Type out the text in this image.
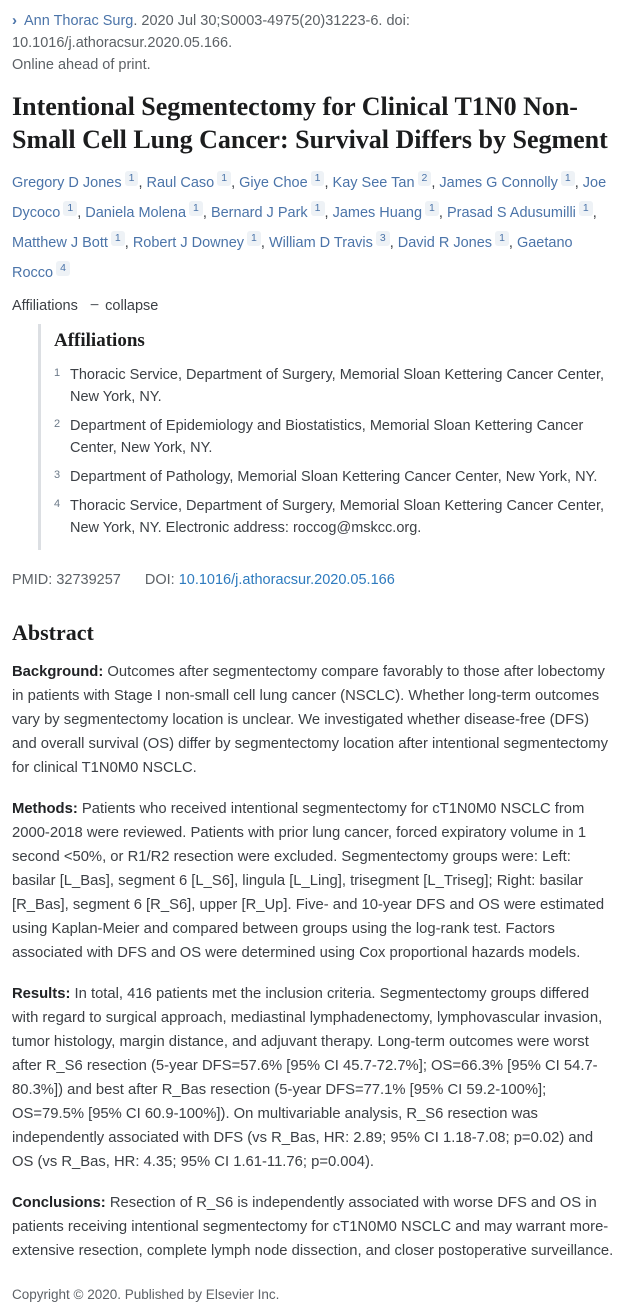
› Ann Thorac Surg. 2020 Jul 30;S0003-4975(20)31223-6. doi: 10.1016/j.athoracsur.2020.05.166.
Online ahead of print.
Intentional Segmentectomy for Clinical T1N0 Non-Small Cell Lung Cancer: Survival Differs by Segment
Gregory D Jones 1 , Raul Caso 1 , Giye Choe 1 , Kay See Tan 2 , James G Connolly 1 , Joe Dycoco 1 , Daniela Molena 1 , Bernard J Park 1 , James Huang 1 , Prasad S Adusumilli 1 , Matthew J Bott 1 , Robert J Downey 1 , William D Travis 3 , David R Jones 1 , Gaetano Rocco 4
Affiliations − collapse
Affiliations
1 Thoracic Service, Department of Surgery, Memorial Sloan Kettering Cancer Center, New York, NY.
2 Department of Epidemiology and Biostatistics, Memorial Sloan Kettering Cancer Center, New York, NY.
3 Department of Pathology, Memorial Sloan Kettering Cancer Center, New York, NY.
4 Thoracic Service, Department of Surgery, Memorial Sloan Kettering Cancer Center, New York, NY. Electronic address: roccog@mskcc.org.
PMID: 32739257 DOI: 10.1016/j.athoracsur.2020.05.166
Abstract

Background: Outcomes after segmentectomy compare favorably to those after lobectomy in patients with Stage I non-small cell lung cancer (NSCLC). Whether long-term outcomes vary by segmentectomy location is unclear. We investigated whether disease-free (DFS) and overall survival (OS) differ by segmentectomy location after intentional segmentectomy for clinical T1N0M0 NSCLC.

Methods: Patients who received intentional segmentectomy for cT1N0M0 NSCLC from 2000-2018 were reviewed. Patients with prior lung cancer, forced expiratory volume in 1 second <50%, or R1/R2 resection were excluded. Segmentectomy groups were: Left: basilar [L_Bas], segment 6 [L_S6], lingula [L_Ling], trisegment [L_Triseg]; Right: basilar [R_Bas], segment 6 [R_S6], upper [R_Up]. Five- and 10-year DFS and OS were estimated using Kaplan-Meier and compared between groups using the log-rank test. Factors associated with DFS and OS were determined using Cox proportional hazards models.

Results: In total, 416 patients met the inclusion criteria. Segmentectomy groups differed with regard to surgical approach, mediastinal lymphadenectomy, lymphovascular invasion, tumor histology, margin distance, and adjuvant therapy. Long-term outcomes were worst after R_S6 resection (5-year DFS=57.6% [95% CI 45.7-72.7%]; OS=66.3% [95% CI 54.7-80.3%]) and best after R_Bas resection (5-year DFS=77.1% [95% CI 59.2-100%]; OS=79.5% [95% CI 60.9-100%]). On multivariable analysis, R_S6 resection was independently associated with DFS (vs R_Bas, HR: 2.89; 95% CI 1.18-7.08; p=0.02) and OS (vs R_Bas, HR: 4.35; 95% CI 1.61-11.76; p=0.004).

Conclusions: Resection of R_S6 is independently associated with worse DFS and OS in patients receiving intentional segmentectomy for cT1N0M0 NSCLC and may warrant more-extensive resection, complete lymph node dissection, and closer postoperative surveillance.

Copyright © 2020. Published by Elsevier Inc.
